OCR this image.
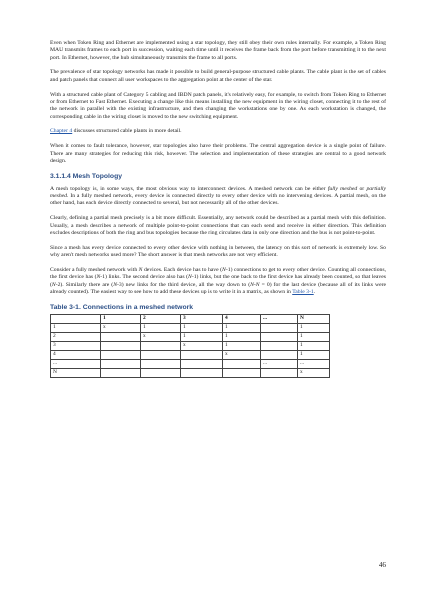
Even when Token Ring and Ethernet are implemented using a star topology, they still obey their own rules internally. For example, a Token Ring MAU transmits frames to each port in succession, waiting each time until it receives the frame back from the port before transmitting it to the next port. In Ethernet, however, the hub simultaneously transmits the frame to all ports.

The prevalence of star topology networks has made it possible to build general-purpose structured cable plants. The cable plant is the set of cables and patch panels that connect all user workspaces to the aggregation point at the center of the star.

With a structured cable plant of Category 5 cabling and IBDN patch panels, it's relatively easy, for example, to switch from Token Ring to Ethernet or from Ethernet to Fast Ethernet. Executing a change like this means installing the new equipment in the wiring closet, connecting it to the rest of the network in parallel with the existing infrastructure, and then changing the workstations one by one. As each workstation is changed, the corresponding cable in the wiring closet is moved to the new switching equipment.

Chapter 4 discusses structured cable plants in more detail.

When it comes to fault tolerance, however, star topologies also have their problems. The central aggregation device is a single point of failure. There are many strategies for reducing this risk, however. The selection and implementation of these strategies are central to a good network design.

3.1.1.4 Mesh Topology

A mesh topology is, in some ways, the most obvious way to interconnect devices. A meshed network can be either fully meshed or partially meshed. In a fully meshed network, every device is connected directly to every other device with no intervening devices. A partial mesh, on the other hand, has each device directly connected to several, but not necessarily all of the other devices.

Clearly, defining a partial mesh precisely is a bit more difficult. Essentially, any network could be described as a partial mesh with this definition. Usually, a mesh describes a network of multiple point-to-point connections that can each send and receive in either direction. This definition excludes descriptions of both the ring and bus topologies because the ring circulates data in only one direction and the bus is not point-to-point.

Since a mesh has every device connected to every other device with nothing in between, the latency on this sort of network is extremely low. So why aren't mesh networks used more? The short answer is that mesh networks are not very efficient.

Consider a fully meshed network with N devices. Each device has to have (N-1) connections to get to every other device. Counting all connections, the first device has (N-1) links. The second device also has (N-1) links, but the one back to the first device has already been counted, so that leaves (N-2). Similarly there are (N-3) new links for the third device, all the way down to (N-N = 0) for the last device (because all of its links were already counted). The easiest way to see how to add these devices up is to write it in a matrix, as shown in Table 3-1.

Table 3-1. Connections in a meshed network
	1	2	3	4	...	N
1	x	1	1	1		1
2		x	1	1		1
3			x	1		1
4				x		1
...					...	...
N						x
46
